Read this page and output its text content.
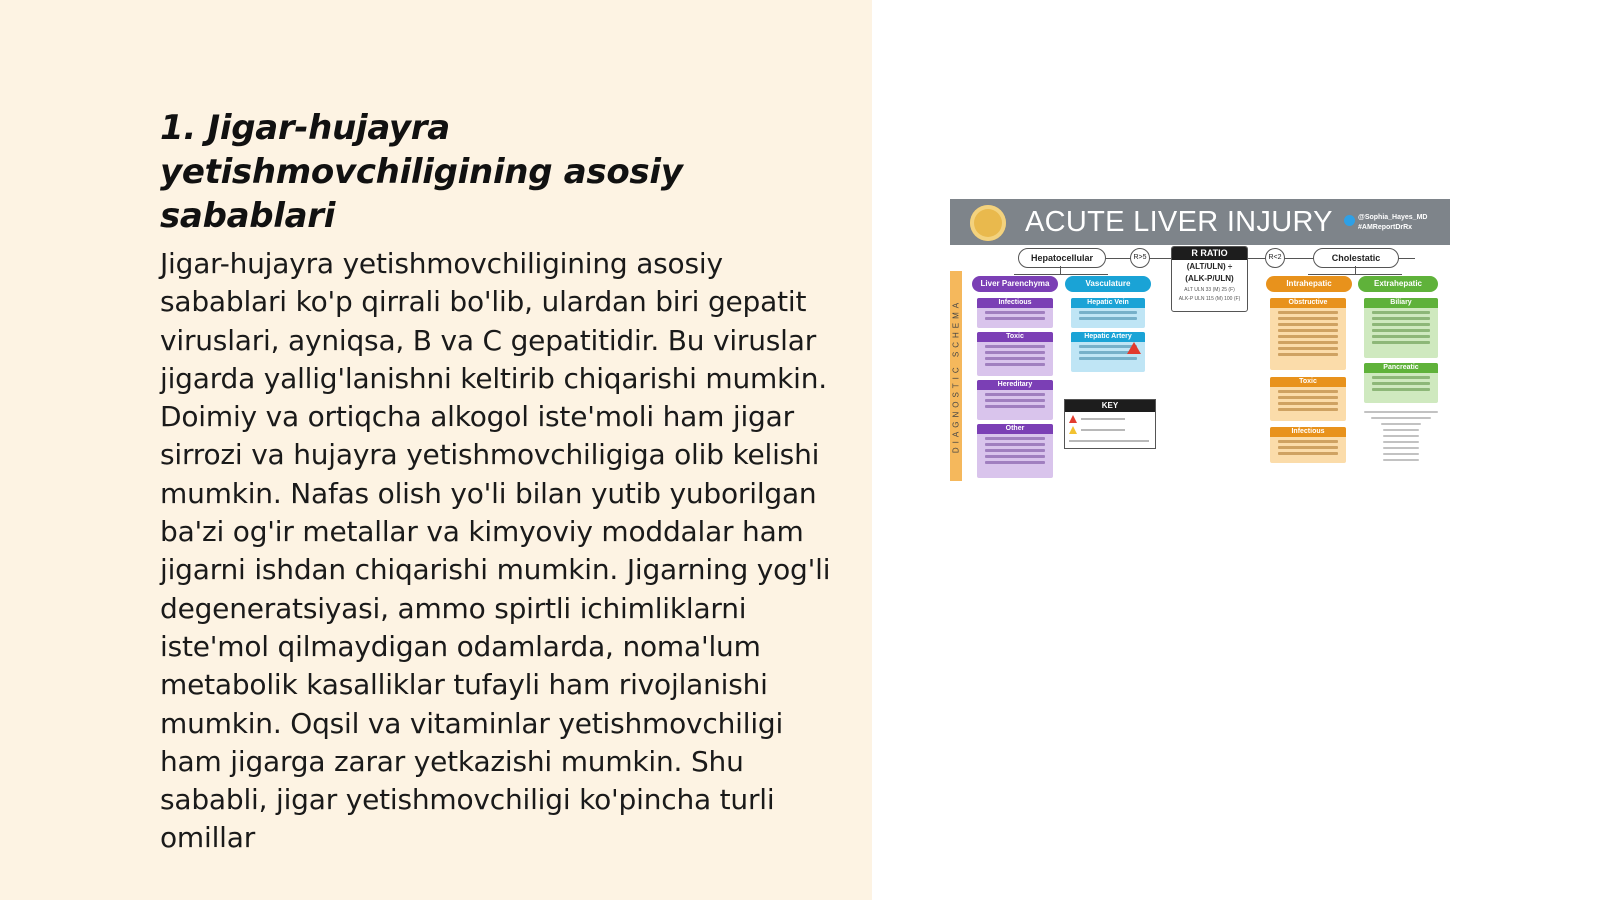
1. Jigar-hujayra yetishmovchiligining asosiy sabablari

Jigar-hujayra yetishmovchiligining asosiy sabablari ko'p qirrali bo'lib, ulardan biri gepatit viruslari, ayniqsa, B va C gepatitidir. Bu viruslar jigarda yallig'lanishni keltirib chiqarishi mumkin. Doimiy va ortiqcha alkogol iste'moli ham jigar sirrozi va hujayra yetishmovchiligiga olib kelishi mumkin. Nafas olish yo'li bilan yutib yuborilgan ba'zi og'ir metallar va kimyoviy moddalar ham jigarni ishdan chiqarishi mumkin. Jigarning yog'li degeneratsiyasi, ammo spirtli ichimliklarni iste'mol qilmaydigan odamlarda, noma'lum metabolik kasalliklar tufayli ham rivojlanishi mumkin. Oqsil va vitaminlar yetishmovchiligi ham jigarga zarar yetkazishi mumkin. Shu sababli, jigar yetishmovchiligi ko'pincha turli omillar

ACUTE LIVER INJURY	@Sophia_Hayes_MD
#AMReportDrRx
DIAGNOSTIC SCHEMA
Hepatocellular	R>5	R<2	Cholestatic
R RATIO
(ALT/ULN) ÷
(ALK-P/ULN)
ALT ULN 33 (M) 25 (F)
ALK-P ULN 115 (M) 100 (F)
Liver Parenchyma	Vasculature	Intrahepatic	Extrahepatic
Infectious
Toxic
Hereditary
Other
Hepatic Vein
Hepatic Artery
KEY
Obstructive
Toxic
Infectious
Biliary
Pancreatic
